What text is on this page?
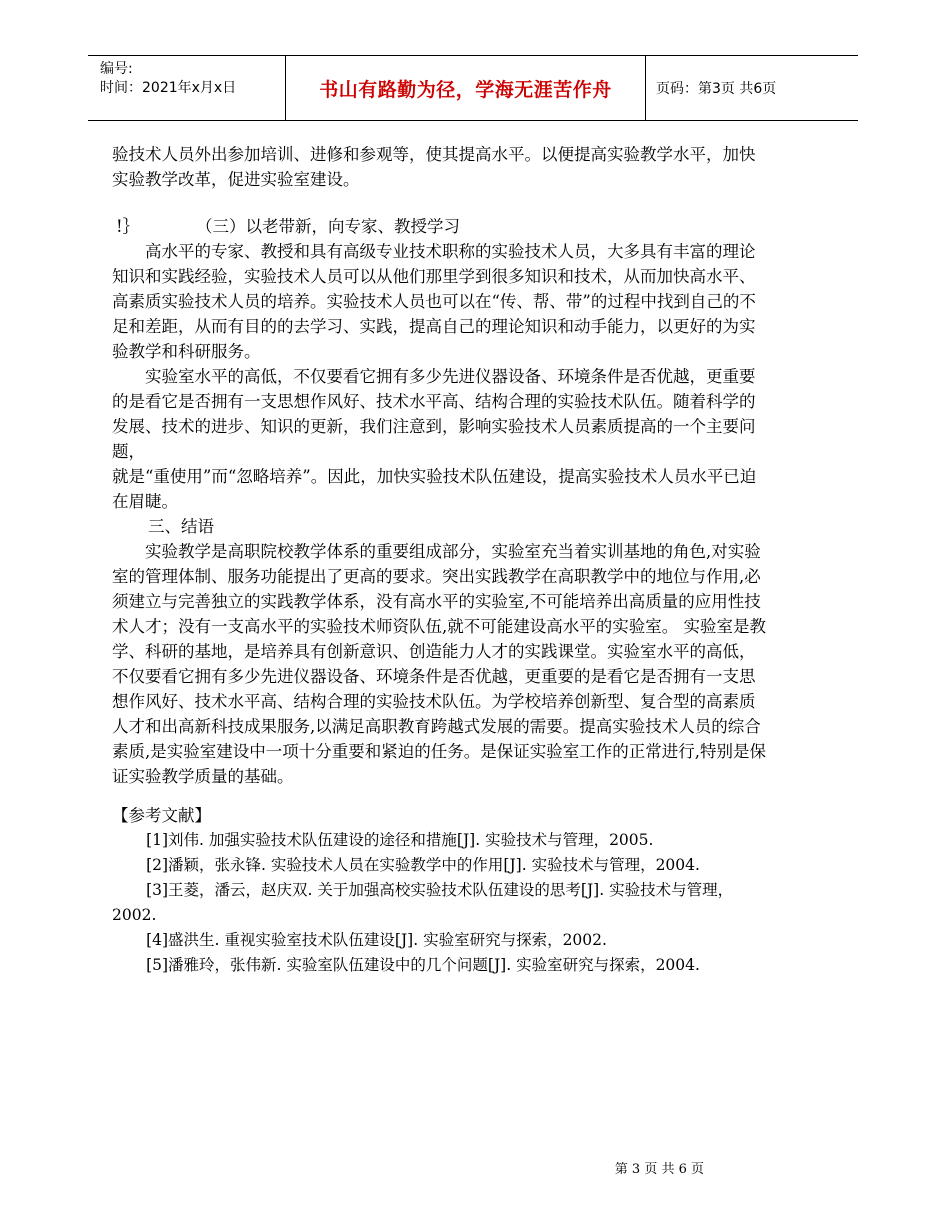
编号:
时间：2021年x月x日	书山有路勤为径，学海无涯苦作舟	页码：第3页 共6页

验技术人员外出参加培训、进修和参观等，使其提高水平。以便提高实验教学水平，加快实验教学改革，促进实验室建设。

!｝	（三）以老带新，向专家、教授学习

高水平的专家、教授和具有高级专业技术职称的实验技术人员，大多具有丰富的理论知识和实践经验，实验技术人员可以从他们那里学到很多知识和技术，从而加快高水平、高素质实验技术人员的培养。实验技术人员也可以在“传、帮、带”的过程中找到自己的不足和差距，从而有目的的去学习、实践，提高自己的理论知识和动手能力，以更好的为实验教学和科研服务。

实验室水平的高低，不仅要看它拥有多少先进仪器设备、环境条件是否优越，更重要的是看它是否拥有一支思想作风好、技术水平高、结构合理的实验技术队伍。随着科学的发展、技术的进步、知识的更新，我们注意到，影响实验技术人员素质提高的一个主要问题，

就是“重使用”而“忽略培养”。因此，加快实验技术队伍建设，提高实验技术人员水平已迫在眉睫。

三、结语

实验教学是高职院校教学体系的重要组成部分，实验室充当着实训基地的角色,对实验室的管理体制、服务功能提出了更高的要求。突出实践教学在高职教学中的地位与作用,必须建立与完善独立的实践教学体系，没有高水平的实验室,不可能培养出高质量的应用性技术人才；没有一支高水平的实验技术师资队伍,就不可能建设高水平的实验室。 实验室是教学、科研的基地，是培养具有创新意识、创造能力人才的实践课堂。实验室水平的高低，不仅要看它拥有多少先进仪器设备、环境条件是否优越，更重要的是看它是否拥有一支思想作风好、技术水平高、结构合理的实验技术队伍。为学校培养创新型、复合型的高素质人才和出高新科技成果服务,以满足高职教育跨越式发展的需要。提高实验技术人员的综合素质,是实验室建设中一项十分重要和紧迫的任务。是保证实验室工作的正常进行,特别是保证实验教学质量的基础。

【参考文献】

[1]刘伟. 加强实验技术队伍建设的途径和措施[J]. 实验技术与管理，2005.

[2]潘颖，张永锋. 实验技术人员在实验教学中的作用[J]. 实验技术与管理，2004.

[3]王菱，潘云，赵庆双. 关于加强高校实验技术队伍建设的思考[J]. 实验技术与管理，2002.

[4]盛洪生. 重视实验室技术队伍建设[J]. 实验室研究与探索，2002.

[5]潘雅玲，张伟新. 实验室队伍建设中的几个问题[J]. 实验室研究与探索，2004.

第 3 页 共 6 页
